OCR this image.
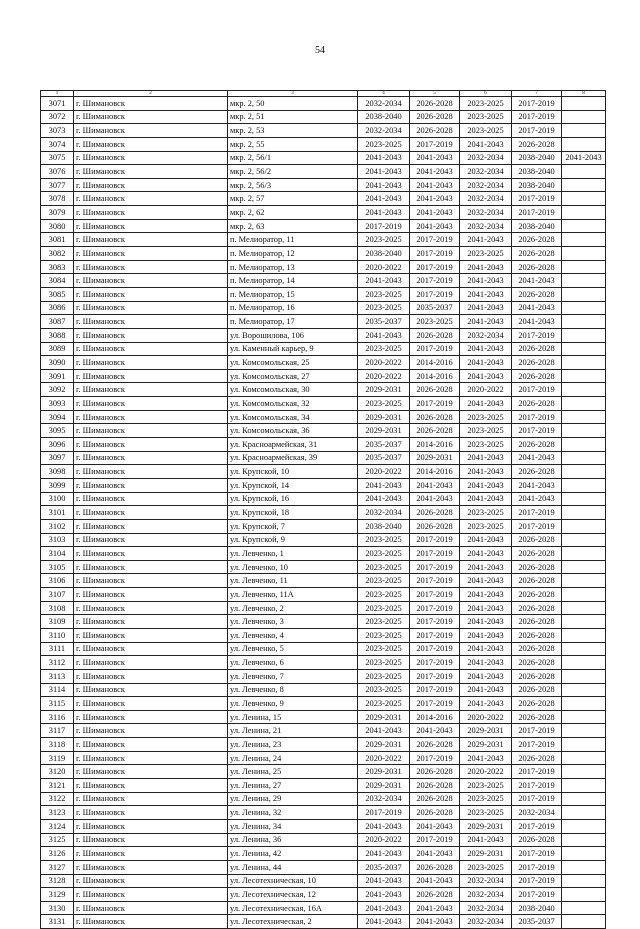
54
1	2	3	4	5	6	7	8
3071	г. Шимановск	мкр. 2, 50	2032-2034	2026-2028	2023-2025	2017-2019	
3072	г. Шимановск	мкр. 2, 51	2038-2040	2026-2028	2023-2025	2017-2019	
3073	г. Шимановск	мкр. 2, 53	2032-2034	2026-2028	2023-2025	2017-2019	
3074	г. Шимановск	мкр. 2, 55	2023-2025	2017-2019	2041-2043	2026-2028	
3075	г. Шимановск	мкр. 2, 56/1	2041-2043	2041-2043	2032-2034	2038-2040	2041-2043
3076	г. Шимановск	мкр. 2, 56/2	2041-2043	2041-2043	2032-2034	2038-2040	
3077	г. Шимановск	мкр. 2, 56/3	2041-2043	2041-2043	2032-2034	2038-2040	
3078	г. Шимановск	мкр. 2, 57	2041-2043	2041-2043	2032-2034	2017-2019	
3079	г. Шимановск	мкр. 2, 62	2041-2043	2041-2043	2032-2034	2017-2019	
3080	г. Шимановск	мкр. 2, 63	2017-2019	2041-2043	2032-2034	2038-2040	
3081	г. Шимановск	п. Мелиоратор, 11	2023-2025	2017-2019	2041-2043	2026-2028	
3082	г. Шимановск	п. Мелиоратор, 12	2038-2040	2017-2019	2023-2025	2026-2028	
3083	г. Шимановск	п. Мелиоратор, 13	2020-2022	2017-2019	2041-2043	2026-2028	
3084	г. Шимановск	п. Мелиоратор, 14	2041-2043	2017-2019	2041-2043	2041-2043	
3085	г. Шимановск	п. Мелиоратор, 15	2023-2025	2017-2019	2041-2043	2026-2028	
3086	г. Шимановск	п. Мелиоратор, 16	2023-2025	2035-2037	2041-2043	2041-2043	
3087	г. Шимановск	п. Мелиоратор, 17	2035-2037	2023-2025	2041-2043	2041-2043	
3088	г. Шимановск	ул. Ворошилова, 106	2041-2043	2026-2028	2032-2034	2017-2019	
3089	г. Шимановск	ул. Каменный карьер, 9	2023-2025	2017-2019	2041-2043	2026-2028	
3090	г. Шимановск	ул. Комсомольская, 25	2020-2022	2014-2016	2041-2043	2026-2028	
3091	г. Шимановск	ул. Комсомольская, 27	2020-2022	2014-2016	2041-2043	2026-2028	
3092	г. Шимановск	ул. Комсомольская, 30	2029-2031	2026-2028	2020-2022	2017-2019	
3093	г. Шимановск	ул. Комсомольская, 32	2023-2025	2017-2019	2041-2043	2026-2028	
3094	г. Шимановск	ул. Комсомольская, 34	2029-2031	2026-2028	2023-2025	2017-2019	
3095	г. Шимановск	ул. Комсомольская, 36	2029-2031	2026-2028	2023-2025	2017-2019	
3096	г. Шимановск	ул. Красноармейская, 31	2035-2037	2014-2016	2023-2025	2026-2028	
3097	г. Шимановск	ул. Красноармейская, 39	2035-2037	2029-2031	2041-2043	2041-2043	
3098	г. Шимановск	ул. Крупской, 10	2020-2022	2014-2016	2041-2043	2026-2028	
3099	г. Шимановск	ул. Крупской, 14	2041-2043	2041-2043	2041-2043	2041-2043	
3100	г. Шимановск	ул. Крупской, 16	2041-2043	2041-2043	2041-2043	2041-2043	
3101	г. Шимановск	ул. Крупской, 18	2032-2034	2026-2028	2023-2025	2017-2019	
3102	г. Шимановск	ул. Крупской, 7	2038-2040	2026-2028	2023-2025	2017-2019	
3103	г. Шимановск	ул. Крупской, 9	2023-2025	2017-2019	2041-2043	2026-2028	
3104	г. Шимановск	ул. Левченко, 1	2023-2025	2017-2019	2041-2043	2026-2028	
3105	г. Шимановск	ул. Левченко, 10	2023-2025	2017-2019	2041-2043	2026-2028	
3106	г. Шимановск	ул. Левченко, 11	2023-2025	2017-2019	2041-2043	2026-2028	
3107	г. Шимановск	ул. Левченко, 11А	2023-2025	2017-2019	2041-2043	2026-2028	
3108	г. Шимановск	ул. Левченко, 2	2023-2025	2017-2019	2041-2043	2026-2028	
3109	г. Шимановск	ул. Левченко, 3	2023-2025	2017-2019	2041-2043	2026-2028	
3110	г. Шимановск	ул. Левченко, 4	2023-2025	2017-2019	2041-2043	2026-2028	
3111	г. Шимановск	ул. Левченко, 5	2023-2025	2017-2019	2041-2043	2026-2028	
3112	г. Шимановск	ул. Левченко, 6	2023-2025	2017-2019	2041-2043	2026-2028	
3113	г. Шимановск	ул. Левченко, 7	2023-2025	2017-2019	2041-2043	2026-2028	
3114	г. Шимановск	ул. Левченко, 8	2023-2025	2017-2019	2041-2043	2026-2028	
3115	г. Шимановск	ул. Левченко, 9	2023-2025	2017-2019	2041-2043	2026-2028	
3116	г. Шимановск	ул. Ленина, 15	2029-2031	2014-2016	2020-2022	2026-2028	
3117	г. Шимановск	ул. Ленина, 21	2041-2043	2041-2043	2029-2031	2017-2019	
3118	г. Шимановск	ул. Ленина, 23	2029-2031	2026-2028	2029-2031	2017-2019	
3119	г. Шимановск	ул. Ленина, 24	2020-2022	2017-2019	2041-2043	2026-2028	
3120	г. Шимановск	ул. Ленина, 25	2029-2031	2026-2028	2020-2022	2017-2019	
3121	г. Шимановск	ул. Ленина, 27	2029-2031	2026-2028	2023-2025	2017-2019	
3122	г. Шимановск	ул. Ленина, 29	2032-2034	2026-2028	2023-2025	2017-2019	
3123	г. Шимановск	ул. Ленина, 32	2017-2019	2026-2028	2023-2025	2032-2034	
3124	г. Шимановск	ул. Ленина, 34	2041-2043	2041-2043	2029-2031	2017-2019	
3125	г. Шимановск	ул. Ленина, 36	2020-2022	2017-2019	2041-2043	2026-2028	
3126	г. Шимановск	ул. Ленина, 42	2041-2043	2041-2043	2029-2031	2017-2019	
3127	г. Шимановск	ул. Ленина, 44	2035-2037	2026-2028	2023-2025	2017-2019	
3128	г. Шимановск	ул. Лесотехническая, 10	2041-2043	2041-2043	2032-2034	2017-2019	
3129	г. Шимановск	ул. Лесотехническая, 12	2041-2043	2026-2028	2032-2034	2017-2019	
3130	г. Шимановск	ул. Лесотехническая, 16А	2041-2043	2041-2043	2032-2034	2038-2040	
3131	г. Шимановск	ул. Лесотехническая, 2	2041-2043	2041-2043	2032-2034	2035-2037	
